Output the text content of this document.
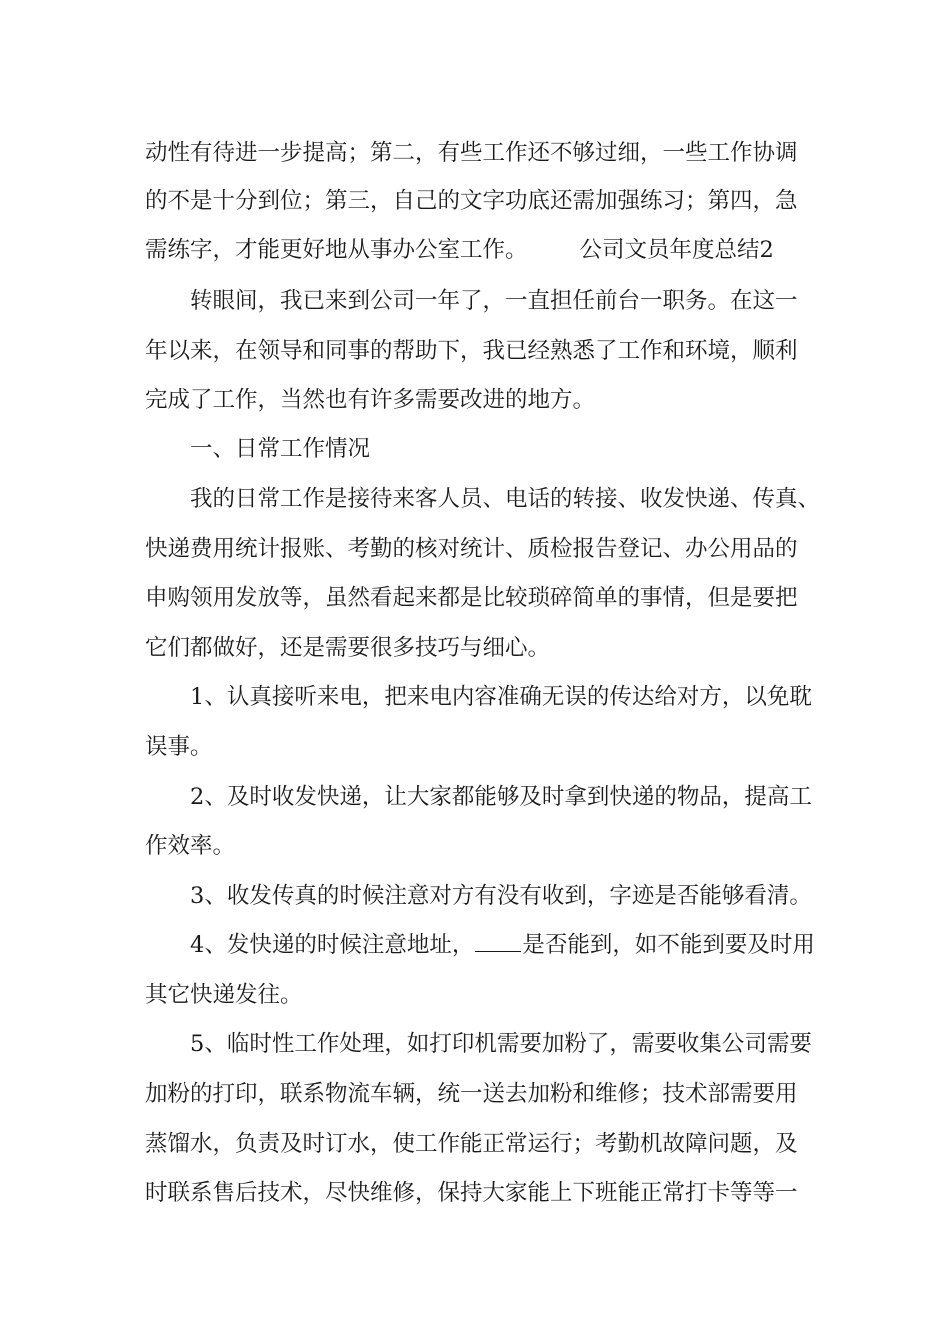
动性有待进一步提高；第二，有些工作还不够过细，一些工作协调
的不是十分到位；第三，自己的文字功底还需加强练习；第四，急
需练字，才能更好地从事办公室工作。 公司文员年度总结2
转眼间，我已来到公司一年了，一直担任前台一职务。在这一
年以来，在领导和同事的帮助下，我已经熟悉了工作和环境，顺利
完成了工作，当然也有许多需要改进的地方。
一、日常工作情况
我的日常工作是接待来客人员、电话的转接、收发快递、传真、
快递费用统计报账、考勤的核对统计、质检报告登记、办公用品的
申购领用发放等，虽然看起来都是比较琐碎简单的事情，但是要把
它们都做好，还是需要很多技巧与细心。
1、认真接听来电，把来电内容准确无误的传达给对方，以免耽
误事。
2、及时收发快递，让大家都能够及时拿到快递的物品，提高工
作效率。
3、收发传真的时候注意对方有没有收到，字迹是否能够看清。
4、发快递的时候注意地址， 是否能到，如不能到要及时用
其它快递发往。
5、临时性工作处理，如打印机需要加粉了，需要收集公司需要
加粉的打印，联系物流车辆，统一送去加粉和维修；技术部需要用
蒸馏水，负责及时订水，使工作能正常运行；考勤机故障问题，及
时联系售后技术，尽快维修，保持大家能上下班能正常打卡等等一
